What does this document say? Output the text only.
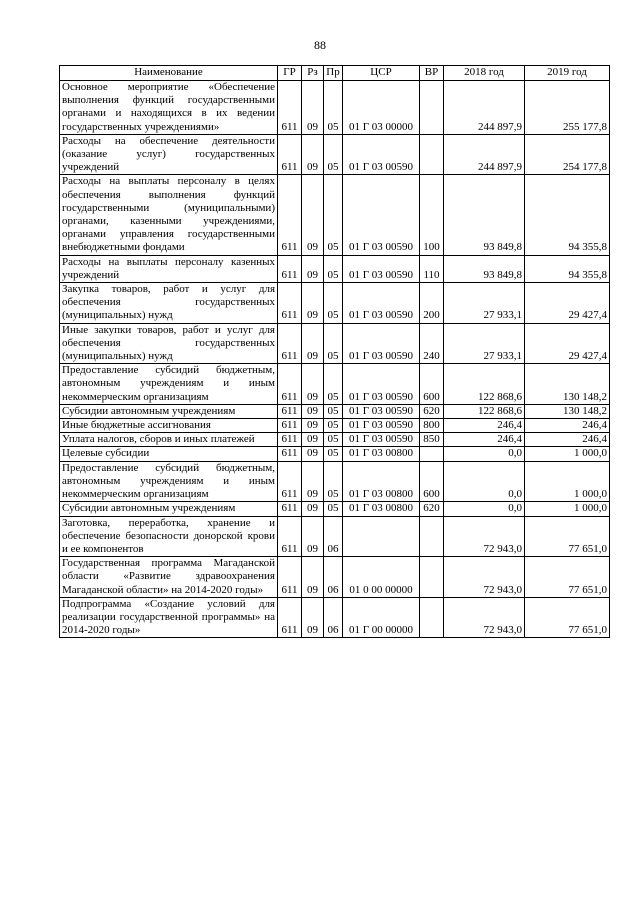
88
Наименование	ГР	Рз	Пр	ЦСР	ВР	2018 год	2019 год
Основное мероприятие «Обеспечение выполнения функций государственными органами и находящихся в их ведении государственных учреждениями»	611	09	05	01 Г 03 00000		244 897,9	255 177,8
Расходы на обеспечение деятельности (оказание услуг) государственных учреждений	611	09	05	01 Г 03 00590		244 897,9	254 177,8
Расходы на выплаты персоналу в целях обеспечения выполнения функций государственными (муниципальными) органами, казенными учреждениями, органами управления государственными внебюджетными фондами	611	09	05	01 Г 03 00590	100	93 849,8	94 355,8
Расходы на выплаты персоналу казенных учреждений	611	09	05	01 Г 03 00590	110	93 849,8	94 355,8
Закупка товаров, работ и услуг для обеспечения государственных (муниципальных) нужд	611	09	05	01 Г 03 00590	200	27 933,1	29 427,4
Иные закупки товаров, работ и услуг для обеспечения государственных (муниципальных) нужд	611	09	05	01 Г 03 00590	240	27 933,1	29 427,4
Предоставление субсидий бюджетным, автономным учреждениям и иным некоммерческим организациям	611	09	05	01 Г 03 00590	600	122 868,6	130 148,2
Субсидии автономным учреждениям	611	09	05	01 Г 03 00590	620	122 868,6	130 148,2
Иные бюджетные ассигнования	611	09	05	01 Г 03 00590	800	246,4	246,4
Уплата налогов, сборов и иных платежей	611	09	05	01 Г 03 00590	850	246,4	246,4
Целевые субсидии	611	09	05	01 Г 03 00800		0,0	1 000,0
Предоставление субсидий бюджетным, автономным учреждениям и иным некоммерческим организациям	611	09	05	01 Г 03 00800	600	0,0	1 000,0
Субсидии автономным учреждениям	611	09	05	01 Г 03 00800	620	0,0	1 000,0
Заготовка, переработка, хранение и обеспечение безопасности донорской крови и ее компонентов	611	09	06			72 943,0	77 651,0
Государственная программа Магаданской области «Развитие здравоохранения Магаданской области» на 2014-2020 годы»	611	09	06	01 0 00 00000		72 943,0	77 651,0
Подпрограмма «Создание условий для реализации государственной программы» на 2014-2020 годы»	611	09	06	01 Г 00 00000		72 943,0	77 651,0
